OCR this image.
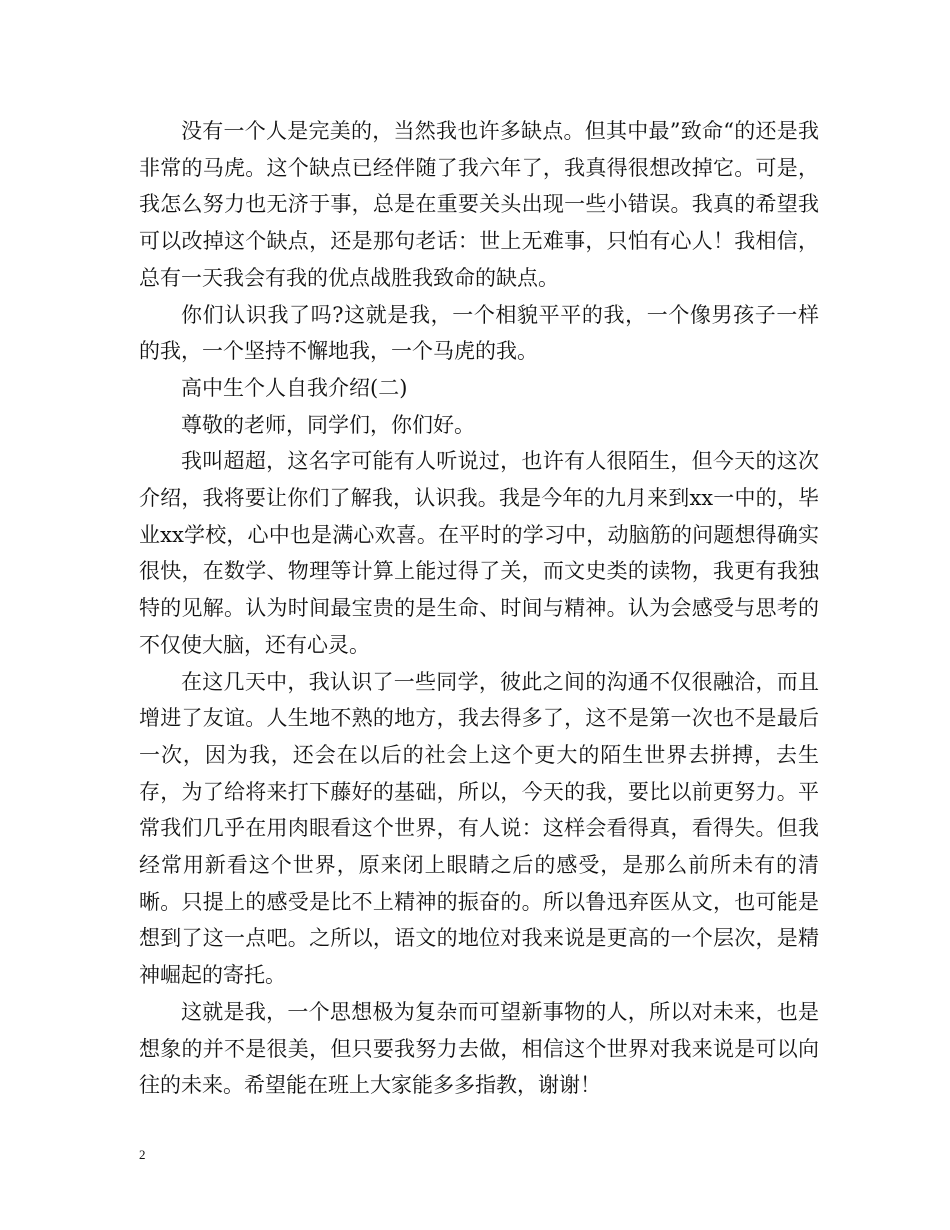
没有一个人是完美的，当然我也许多缺点。但其中最”致命“的还是我非常的马虎。这个缺点已经伴随了我六年了，我真得很想改掉它。可是，我怎么努力也无济于事，总是在重要关头出现一些小错误。我真的希望我可以改掉这个缺点，还是那句老话：世上无难事，只怕有心人！我相信，总有一天我会有我的优点战胜我致命的缺点。

你们认识我了吗?这就是我，一个相貌平平的我，一个像男孩子一样的我，一个坚持不懈地我，一个马虎的我。

高中生个人自我介绍(二)

尊敬的老师，同学们，你们好。

我叫超超，这名字可能有人听说过，也许有人很陌生，但今天的这次介绍，我将要让你们了解我，认识我。我是今年的九月来到xx一中的，毕业xx学校，心中也是满心欢喜。在平时的学习中，动脑筋的问题想得确实很快，在数学、物理等计算上能过得了关，而文史类的读物，我更有我独特的见解。认为时间最宝贵的是生命、时间与精神。认为会感受与思考的不仅使大脑，还有心灵。

在这几天中，我认识了一些同学，彼此之间的沟通不仅很融洽，而且增进了友谊。人生地不熟的地方，我去得多了，这不是第一次也不是最后一次，因为我，还会在以后的社会上这个更大的陌生世界去拼搏，去生存，为了给将来打下藤好的基础，所以，今天的我，要比以前更努力。平常我们几乎在用肉眼看这个世界，有人说：这样会看得真，看得失。但我经常用新看这个世界，原来闭上眼睛之后的感受，是那么前所未有的清晰。只提上的感受是比不上精神的振奋的。所以鲁迅弃医从文，也可能是想到了这一点吧。之所以，语文的地位对我来说是更高的一个层次，是精神崛起的寄托。

这就是我，一个思想极为复杂而可望新事物的人，所以对未来，也是想象的并不是很美，但只要我努力去做，相信这个世界对我来说是可以向往的未来。希望能在班上大家能多多指教，谢谢！

2
